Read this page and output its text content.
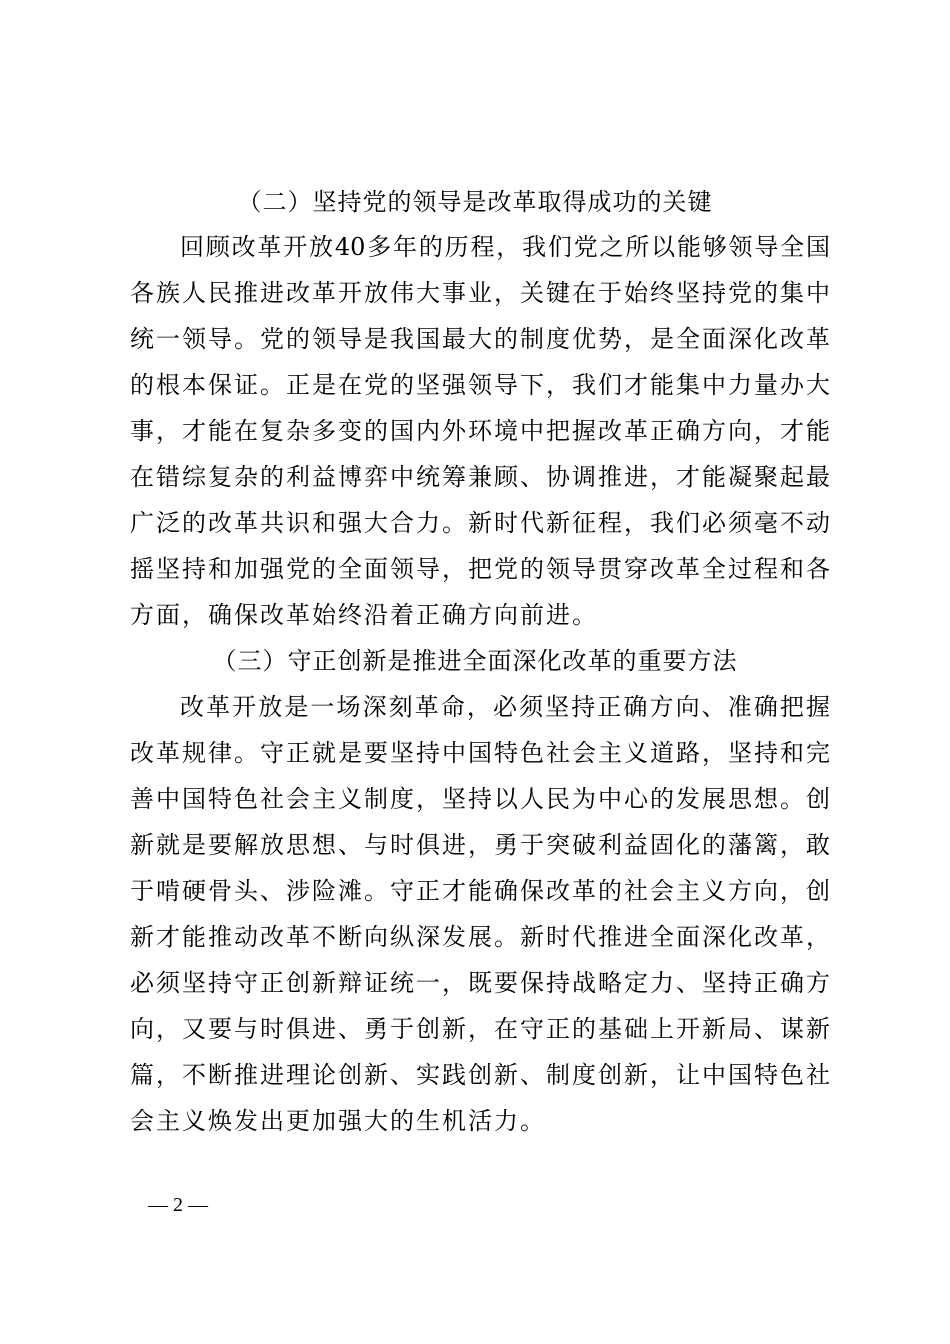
（二）坚持党的领导是改革取得成功的关键
回顾改革开放40多年的历程，我们党之所以能够领导全国
各族人民推进改革开放伟大事业，关键在于始终坚持党的集中
统一领导。党的领导是我国最大的制度优势，是全面深化改革
的根本保证。正是在党的坚强领导下，我们才能集中力量办大
事，才能在复杂多变的国内外环境中把握改革正确方向，才能
在错综复杂的利益博弈中统筹兼顾、协调推进，才能凝聚起最
广泛的改革共识和强大合力。新时代新征程，我们必须毫不动
摇坚持和加强党的全面领导，把党的领导贯穿改革全过程和各
方面，确保改革始终沿着正确方向前进。
（三）守正创新是推进全面深化改革的重要方法
改革开放是一场深刻革命，必须坚持正确方向、准确把握
改革规律。守正就是要坚持中国特色社会主义道路，坚持和完
善中国特色社会主义制度，坚持以人民为中心的发展思想。创
新就是要解放思想、与时俱进，勇于突破利益固化的藩篱，敢
于啃硬骨头、涉险滩。守正才能确保改革的社会主义方向，创
新才能推动改革不断向纵深发展。新时代推进全面深化改革，
必须坚持守正创新辩证统一，既要保持战略定力、坚持正确方
向，又要与时俱进、勇于创新，在守正的基础上开新局、谋新
篇，不断推进理论创新、实践创新、制度创新，让中国特色社
会主义焕发出更加强大的生机活力。
— 2 —
